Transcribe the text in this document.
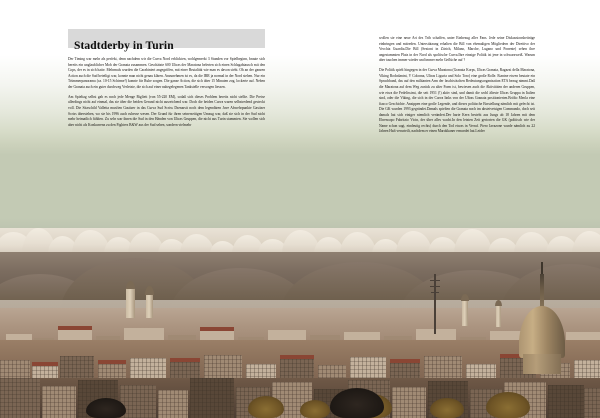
Stadtderby in Turin

Der Timing war mehr als perfekt, denn nachdem wir die Curva Nord erblickten, wohlgemerkt 3 Stunden vor Spielbeginn, braute sich bereits ein unglaublicher Mob der Granata zusammen. Geschätzte 600 Ultras der Maratona belerten sich einen Schlagabtausch mit den Cops, der es in sich hatte. Mehrmals wurden die Carabinieri angegriffen, mit einer Brutalität wie man es davon sieht. Ob an der ganzen Action auch die Sud beteiligt war, konnte man nicht genau klären. Anzunehmen ist es, da die IRR ja normal in der Nord stehen. Nur ein Trümmerpanorama (ca. 10-15 Schirme!) konnte für Ruhe sorgen. Die ganze Action, die sich über 15 Minuten zog, lockerte auf. Neben der Granata auch ein guter durchweg Verletzte, die sich auf einer nahegelegenen Tankstelle versorgen liessen.

Am Spieltag selbst gab es noch jede Menge Bigliett (von 55-220 EM), sodaß sich dieses Problem bereits nicht stellte. Die Preise allerdings nicht auf einmal, das sie über die beiden Gerund nicht ausreichend war. Doch die beiden Curva waren selbstredend gesteckt voll. Die Sitzschild Valletta musften Gastizer in das Curva Sud Scriss Dsenarsit noch dem legendären Juve Abwehrpunkte Gastizer Scriss überstehen, wo sie bis 1996 auch ruhesse wesen. Der Grund für ihren seinerseitigen Umzug war, daß sie sich in der Sud nicht mehr heimatlich fühlten. Zu sehr war ihnen die Sud in den Händen von Ultras Gruppen, die nicht aus Turin stammten. Sie wollen sich aber nicht als Konkurrenz zu den Fighters B&W aus der Sud sehen, sondern vielmehr

wollen sie eine neue Art des Trib schaffen, unter Einbezug aller Fans. Jede seine Diskussionsbeiträge einbringen und mitreden. Unterstützung erhalten die Bill von ehemaligen Mitgliedern der Direttivo der Vecchia Guardia.Die Bill (Sezioni in Zürich, Milano, Marche, Lugano und Ponente) sehen ihre angestammten Platz in der Nord als spoltische Curva.Ihre einzige Politik ist jene in schwarzweiß. Warum aber tauchen immer wieder und immer mehr Geflüche auf ?

Die Politik spielt hingegen in der Curva Maratona (Granata Korps, Ultras Granata, Ragazzi della Maratona, Viking Rododantni, V Colonna, Ultras Liguria und Solo Toro) eine große Rolle. Etantne etwen beutate ein Spruchband, das auf den militanten Arm der faschistischen Bedeutungsorganisation ETA bezug nimmt.Daß die Maratona auf dem Weg zurück zu alter Form ist, bewiesen auch die Aktivitäten der anderen Gruppen, wie etwa die Fedelissimi, die seit 1951 (!) aktiv sind, und damit die wohl älteste Ultras Gruppa in Italien sind, oder die Viking, die sich in der Curva links von der Ultras Granata positionierten.Brölto Meola eine fiasco Geschichte. Anzippen eine große Legende, und dieses politische Einstellung nämlich mit gefecht ist. Die GK wurden 1993 gegründet.Damals spielten die Granata noch im absteivetsigen Commando, doch seit damals hat sich einiger niemlich verändert.Der harte Kern besteht aus Jungs ab 18 Jahren mit dem Ehrencapo Fabritzio Vicin, der über alles wacht.In den letzten Zeit geriorten die GK (politisch wie der Name schon sagt, eindeutig rechts) durch den Tod etwas in Verruf. Piero Iavazone wurde nämlich zu 22 Jahren Haft verurteilt, nachdem er einen Marokkaner ermordet hat.Leider
